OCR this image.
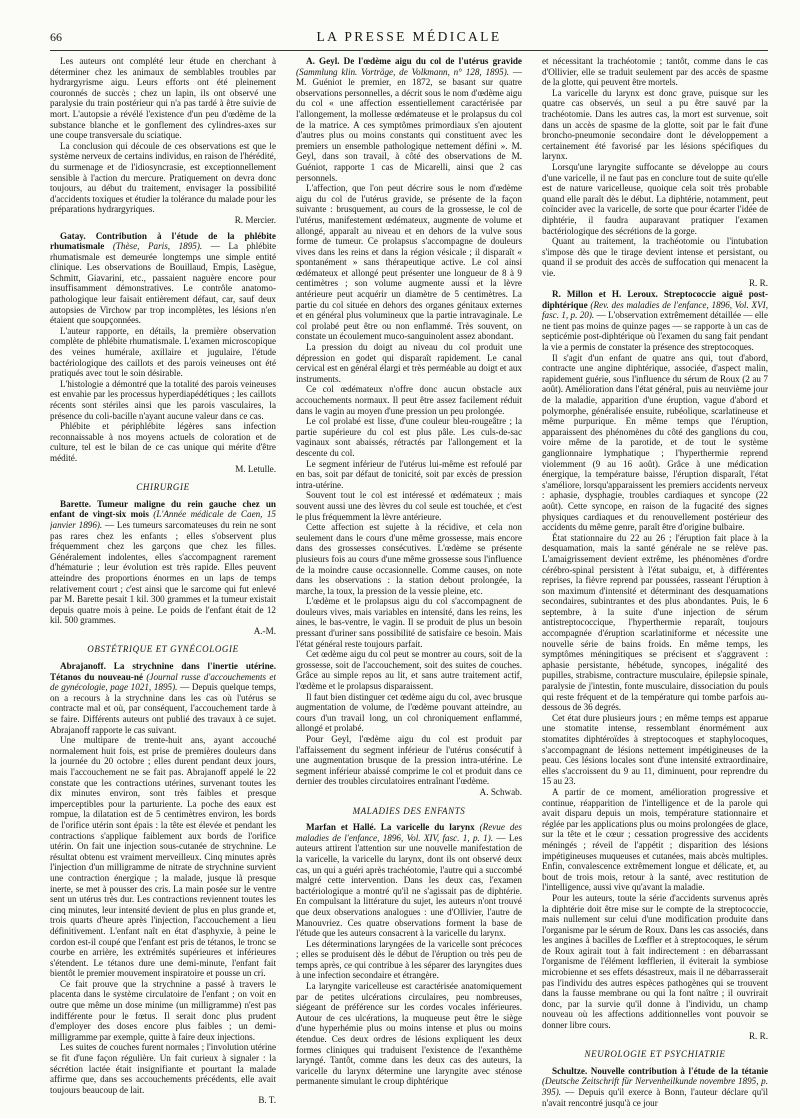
66	LA PRESSE MÉDICALE

Les auteurs ont complété leur étude en cherchant à déterminer chez les animaux de semblables troubles par hydrargyrisme aigu. Leurs efforts ont été pleinement couronnés de succès ; chez un lapin, ils ont observé une paralysie du train postérieur qui n'a pas tardé à être suivie de mort. L'autopsie a révélé l'existence d'un peu d'œdème de la substance blanche et le gonflement des cylindres-axes sur une coupe transversale du sciatique.

La conclusion qui découle de ces observations est que le système nerveux de certains individus, en raison de l'hérédité, du surmenage et de l'idiosyncrasie, est exceptionnellement sensible à l'action du mercure. Pratiquement on devra donc toujours, au début du traitement, envisager la possibilité d'accidents toxiques et étudier la tolérance du malade pour les préparations hydrargyriques.

R. Mercier.

Gatay. Contribution à l'étude de la phlébite rhumatismale (Thèse, Paris, 1895). — La phlébite rhumatismale est demeurée longtemps une simple entité clinique. Les observations de Bouillaud, Empis, Lasègue, Schmitt, Giavarini, etc., passaient naguère encore pour insuffisamment démonstratives. Le contrôle anatomo-pathologique leur faisait entièrement défaut, car, sauf deux autopsies de Virchow par trop incomplètes, les lésions n'en étaient que soupçonnées.

L'auteur rapporte, en détails, la première observation complète de phlébite rhumatismale. L'examen microscopique des veines humérale, axillaire et jugulaire, l'étude bactériologique des caillots et des parois veineuses ont été pratiqués avec tout le soin désirable.

L'histologie a démontré que la totalité des parois veineuses est envahie par les processus hyperdiapédétiques ; les caillots récents sont stériles ainsi que les parois vasculaires, la présence du coli-bacille n'ayant aucune valeur dans ce cas.

Phlébite et périphlébite légères sans infection reconnaissable à nos moyens actuels de coloration et de culture, tel est le bilan de ce cas unique qui mérite d'être médité.

M. Letulle.

CHIRURGIE

Barette. Tumeur maligne du rein gauche chez un enfant de vingt-six mois (L'Année médicale de Caen, 15 janvier 1896). — Les tumeurs sarcomateuses du rein ne sont pas rares chez les enfants ; elles s'observent plus fréquemment chez les garçons que chez les filles. Généralement indolentes, elles s'accompagnent rarement d'hématurie ; leur évolution est très rapide. Elles peuvent atteindre des proportions énormes en un laps de temps relativement court ; c'est ainsi que le sarcome qui fut enlevé par M. Barette pesait 1 kil. 300 grammes et la tumeur existait depuis quatre mois à peine. Le poids de l'enfant était de 12 kil. 500 grammes.

A.-M.

OBSTÉTRIQUE ET GYNÉCOLOGIE

Abrajanoff. La strychnine dans l'inertie utérine. Tétanos du nouveau-né (Journal russe d'accouchements et de gynécologie, page 1021, 1895). — Depuis quelque temps, on a recours à la strychnine dans les cas où l'utérus se contracte mal et où, par conséquent, l'accouchement tarde à se faire. Différents auteurs ont publié des travaux à ce sujet. Abrajanoff rapporte le cas suivant.

Une multipare de trente-huit ans, ayant accouché normalement huit fois, est prise de premières douleurs dans la journée du 20 octobre ; elles durent pendant deux jours, mais l'accouchement ne se fait pas. Abrajanoff appelé le 22 constate que les contractions utérines, survenant toutes les dix minutes environ, sont très faibles et presque imperceptibles pour la parturiente. La poche des eaux est rompue, la dilatation est de 5 centimètres environ, les bords de l'orifice utérin sont épais : la tête est élevée et pendant les contractions s'applique faiblement aux bords de l'orifice utérin. On fait une injection sous-cutanée de strychnine. Le résultat obtenu est vraiment merveilleux. Cinq minutes après l'injection d'un milligramme de nitrate de strychnine survient une contraction énergique ; la malade, jusque là presque inerte, se met à pousser des cris. La main posée sur le ventre sent un utérus très dur. Les contractions reviennent toutes les cinq minutes, leur intensité devient de plus en plus grande et, trois quarts d'heure après l'injection, l'accouchement a lieu définitivement. L'enfant naît en état d'asphyxie, à peine le cordon est-il coupé que l'enfant est pris de tétanos, le tronc se courbe en arrière, les extrémités supérieures et inférieures s'étendent. Le tétanos dure une demi-minute, l'enfant fait bientôt le premier mouvement inspiratoire et pousse un cri.

Ce fait prouve que la strychnine a passé à travers le placenta dans le système circulatoire de l'enfant ; on voit en outre que même un dose minime (un milligramme) n'est pas indifférente pour le fœtus. Il serait donc plus prudent d'employer des doses encore plus faibles ; un demi-milligramme par exemple, quitte à faire deux injections.

Les suites de couches furent normales ; l'involution utérine se fit d'une façon régulière. Un fait curieux à signaler : la sécrétion lactée était insignifiante et pourtant la malade affirme que, dans ses accouchements précédents, elle avait toujours beaucoup de lait.

B. T.

A. Geyl. De l'œdème aigu du col de l'utérus gravide (Sammlung klin. Vorträge, de Volkmann, n° 128, 1895). — M. Guéniot le premier, en 1872, se basant sur quatre observations personnelles, a décrit sous le nom d'œdème aigu du col « une affection essentiellement caractérisée par l'allongement, la mollesse œdémateuse et le prolapsus du col de la matrice. A ces symptômes primordiaux s'en ajoutent d'autres plus ou moins constants qui constituent avec les premiers un ensemble pathologique nettement défini ». M. Geyl, dans son travail, à côté des observations de M. Guéniot, rapporte 1 cas de Micarelli, ainsi que 2 cas personnels.

L'affection, que l'on peut décrire sous le nom d'œdème aigu du col de l'utérus gravide, se présente de la façon suivante : brusquement, au cours de la grossesse, le col de l'utérus, manifestement œdémateux, augmente de volume et allongé, apparaît au niveau et en dehors de la vulve sous forme de tumeur. Ce prolapsus s'accompagne de douleurs vives dans les reins et dans la région vésicale ; il disparaît « spontanément » sans thérapeutique active. Le col ainsi œdémateux et allongé peut présenter une longueur de 8 à 9 centimètres ; son volume augmente aussi et la lèvre antérieure peut acquérir un diamètre de 5 centimètres. La partie du col située en dehors des organes génitaux externes et en général plus volumineux que la partie intravaginale. Le col prolabé peut être ou non enflammé. Très souvent, on constate un écoulement muco-sanguinolent assez abondant.

La pression du doigt au niveau du col produit une dépression en godet qui disparaît rapidement. Le canal cervical est en général élargi et très perméable au doigt et aux instruments.

Ce col œdémateux n'offre donc aucun obstacle aux accouchements normaux. Il peut être assez facilement réduit dans le vagin au moyen d'une pression un peu prolongée.

Le col prolabé est lisse, d'une couleur bleu-rougeâtre ; la partie supérieure du col est plus pâle. Les culs-de-sac vaginaux sont abaissés, rétractés par l'allongement et la descente du col.

Le segment inférieur de l'utérus lui-même est refoulé par en bas, soit par défaut de tonicité, soit par excès de pression intra-utérine.

Souvent tout le col est intéressé et œdémateux ; mais souvent aussi une des lèvres du col seule est touchée, et c'est le plus fréquemment la lèvre antérieure.

Cette affection est sujette à la récidive, et cela non seulement dans le cours d'une même grossesse, mais encore dans des grossesses consécutives. L'œdème se présente plusieurs fois au cours d'une même grossesse sous l'influence de la moindre cause occasionnelle. Comme causes, on note dans les observations : la station debout prolongée, la marche, la toux, la pression de la vessie pleine, etc.

L'œdème et le prolapsus aigu du col s'accompagnent de douleurs vives, mais variables en intensité, dans les reins, les aines, le bas-ventre, le vagin. Il se produit de plus un besoin pressant d'uriner sans possibilité de satisfaire ce besoin. Mais l'état général reste toujours parfait.

Cet œdème aigu du col peut se montrer au cours, soit de la grossesse, soit de l'accouchement, soit des suites de couches. Grâce au simple repos au lit, et sans autre traitement actif, l'œdème et le prolapsus disparaissent.

Il faut bien distinguer cet œdème aigu du col, avec brusque augmentation de volume, de l'œdème pouvant atteindre, au cours d'un travail long, un col chroniquement enflammé, allongé et prolabé.

Pour Geyl, l'œdème aigu du col est produit par l'affaissement du segment inférieur de l'utérus consécutif à une augmentation brusque de la pression intra-utérine. Le segment inférieur abaissé comprime le col et produit dans ce dernier des troubles circulatoires entraînant l'œdème.

A. Schwab.

MALADIES DES ENFANTS

Marfan et Hallé. La varicelle du larynx (Revue des maladies de l'enfance, 1896, Vol. XIV, fasc. 1, p. 1). — Les auteurs attirent l'attention sur une nouvelle manifestation de la varicelle, la varicelle du larynx, dont ils ont observé deux cas, un qui a guéri après trachéotomie, l'autre qui a succombé malgré cette intervention. Dans les deux cas, l'examen bactériologique a montré qu'il ne s'agissait pas de diphtérie. En compulsant la littérature du sujet, les auteurs n'ont trouvé que deux observations analogues : une d'Ollivier, l'autre de Manouvriez. Ces quatre observations forment la base de l'étude que les auteurs consacrent à la varicelle du larynx.

Les déterminations laryngées de la varicelle sont précoces ; elles se produisent dès le début de l'éruption ou très peu de temps après, ce qui contribue à les séparer des laryngites dues à une infection secondaire et étrangère.

La laryngite varicelleuse est caractérisée anatomiquement par de petites ulcérations circulaires, peu nombreuses, siégeant de préférence sur les cordes vocales inférieures. Autour de ces ulcérations, la muqueuse peut être le siège d'une hyperhémie plus ou moins intense et plus ou moins étendue. Ces deux ordres de lésions expliquent les deux formes cliniques qui traduisent l'existence de l'exanthème laryngé. Tantôt, comme dans les deux cas des auteurs, la varicelle du larynx détermine une laryngite avec sténose permanente simulant le croup diphtérique

et nécessitant la trachéotomie ; tantôt, comme dans le cas d'Ollivier, elle se traduit seulement par des accès de spasme de la glotte, qui peuvent être mortels.

La varicelle du larynx est donc grave, puisque sur les quatre cas observés, un seul a pu être sauvé par la trachéotomie. Dans les autres cas, la mort est survenue, soit dans un accès de spasme de la glotte, soit par le fait d'une broncho-pneumonie secondaire dont le développement a certainement été favorisé par les lésions spécifiques du larynx.

Lorsqu'une laryngite suffocante se développe au cours d'une varicelle, il ne faut pas en conclure tout de suite qu'elle est de nature varicelleuse, quoique cela soit très probable quand elle paraît dès le début. La diphtérie, notamment, peut coïncider avec la varicelle, de sorte que pour écarter l'idée de diphtérie, il faudra auparavant pratiquer l'examen bactériologique des sécrétions de la gorge.

Quant au traitement, la trachéotomie ou l'intubation s'impose dès que le tirage devient intense et persistant, ou quand il se produit des accès de suffocation qui menacent la vie.

R. R.

R. Millon et H. Leroux. Streptococcie aiguë post-diphtérique (Rev. des maladies de l'enfance, 1896, Vol. XVI, fasc. 1, p. 20). — L'observation extrêmement détaillée — elle ne tient pas moins de quinze pages — se rapporte à un cas de septicémie post-diphtérique où l'examen du sang fait pendant la vie a permis de constater la présence des streptocoques.

Il s'agit d'un enfant de quatre ans qui, tout d'abord, contracte une angine diphtérique, associée, d'aspect malin, rapidement guérie, sous l'influence du sérum de Roux (2 au 7 août). Amélioration dans l'état général, puis au neuvième jour de la maladie, apparition d'une éruption, vague d'abord et polymorphe, généralisée ensuite, rubéolique, scarlatineuse et même purpurique. En même temps que l'éruption, apparaissent des phénomènes du côté des ganglions du cou, voire même de la parotide, et de tout le système ganglionnaire lymphatique ; l'hyperthermie reprend violemment (9 au 16 août). Grâce à une médication énergique, la température baisse, l'éruption disparaît, l'état s'améliore, lorsqu'apparaissent les premiers accidents nerveux : aphasie, dysphagie, troubles cardiaques et syncope (22 août). Cette syncope, en raison de la fugacité des signes physiques cardiaques et du renouvellement postérieur des accidents du même genre, paraît être d'origine bulbaire.

État stationnaire du 22 au 26 ; l'éruption fait place à la desquamation, mais la santé générale ne se relève pas. L'amaigrissement devient extrême, les phénomènes d'ordre cérébro-spinal persistent à l'état subaigu, et, à différentes reprises, la fièvre reprend par poussées, rasseant l'éruption à son maximum d'intensité et déterminant des desquamations secondaires, subintrantes et des plus abondantes. Puis, le 6 septembre, à la suite d'une injection de sérum antistreptococcique, l'hyperthermie reparaît, toujours accompagnée d'éruption scarlatiniforme et nécessite une nouvelle série de bains froids. En même temps, les symptômes méningitiques se précisent et s'aggravent : aphasie persistante, hébétude, syncopes, inégalité des pupilles, strabisme, contracture musculaire, épilepsie spinale, paralysie de j'intestin, fonte musculaire, dissociation du pouls qui reste fréquent et de la température qui tombe parfois au-dessous de 36 degrés.

Cet état dure plusieurs jours ; en même temps est apparue une stomatite intense, ressemblant énormément aux stomatites diphtéroïdes à streptocoques et staphylocoques, s'accompagnant de lésions nettement impétigineuses de la peau. Ces lésions locales sont d'une intensité extraordinaire, elles s'accroissent du 9 au 11, diminuent, pour reprendre du 15 au 23.

A partir de ce moment, amélioration progressive et continue, réapparition de l'intelligence et de la parole qui avait disparu depuis un mois, température stationnaire et réglée par les applications plus ou moins prolongées de glace, sur la tête et le cœur ; cessation progressive des accidents méningés ; réveil de l'appétit ; disparition des lésions impétigineuses muqueuses et cutanées, mais abcès multiples. Enfin, convalescence extrêmement longue et délicate, et, au bout de trois mois, retour à la santé, avec restitution de l'intelligence, aussi vive qu'avant la maladie.

Pour les auteurs, toute la série d'accidents survenus après la diphtérie doit être mise sur le compte de la streptococcie, mais nullement sur celui d'une modification produite dans l'organisme par le sérum de Roux. Dans les cas associés, dans les angines à bacilles de Lœffler et à streptocoques, le sérum de Roux agirait tout à fait indirectement : en débarrassant l'organisme de l'élément lœfflerien, il éviterait la symbiose microbienne et ses effets désastreux, mais il ne débarrasserait pas l'individu des autres espèces pathogènes qui se trouvent dans la fausse membrane ou qui la font naître ; il ouvrirait donc, par la survie qu'il donne à l'individu, un champ nouveau où les affections additionnelles vont pouvoir se donner libre cours.

R. R.

NEUROLOGIE ET PSYCHIATRIE

Schultze. Nouvelle contribution à l'étude de la tétanie (Deutsche Zeitschrift für Nervenheilkunde novembre 1895, p. 395). — Depuis qu'il exerce à Bonn, l'auteur déclare qu'il n'avait rencontré jusqu'à ce jour
